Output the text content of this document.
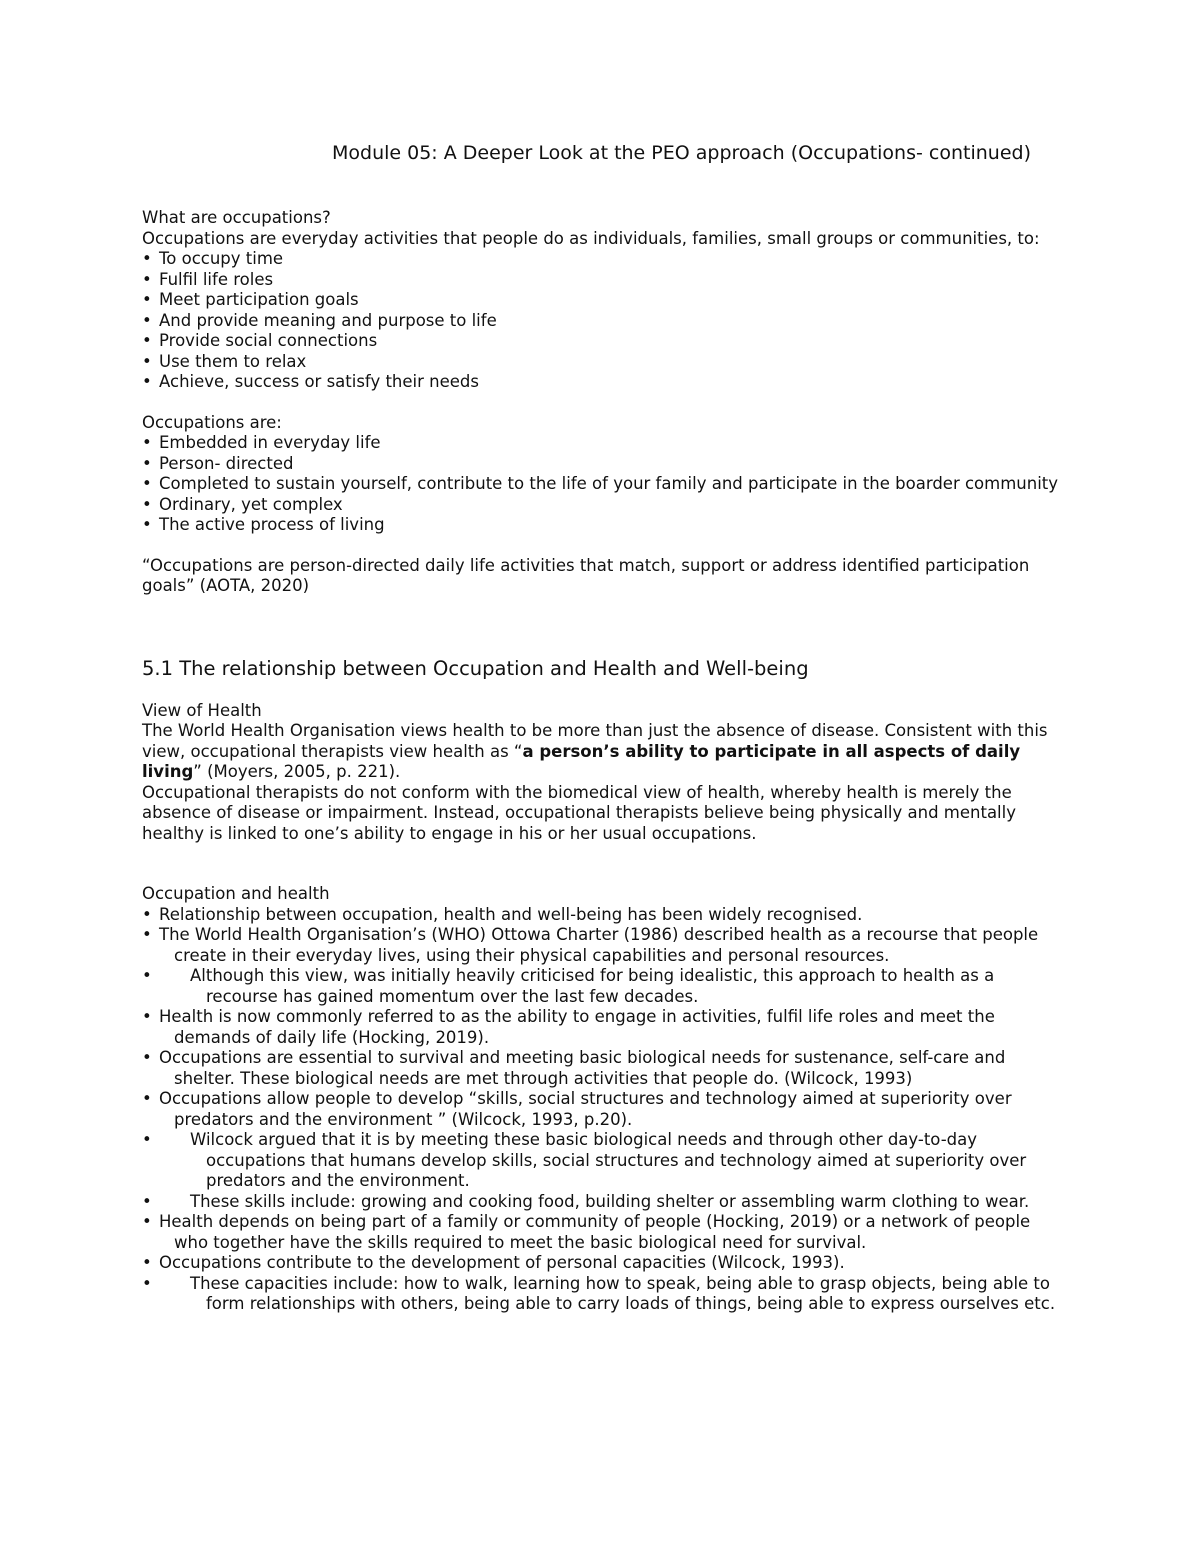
Module 05: A Deeper Look at the PEO approach (Occupations- continued)

What are occupations?

Occupations are everyday activities that people do as individuals, families, small groups or communities, to:

• To occupy time
• Fulfil life roles
• Meet participation goals
• And provide meaning and purpose to life
• Provide social connections
• Use them to relax
• Achieve, success or satisfy their needs

Occupations are:

• Embedded in everyday life
• Person- directed
• Completed to sustain yourself, contribute to the life of your family and participate in the boarder community
• Ordinary, yet complex
• The active process of living

“Occupations are person-directed daily life activities that match, support or address identified participation goals” (AOTA, 2020)

5.1 The relationship between Occupation and Health and Well-being

View of Health

The World Health Organisation views health to be more than just the absence of disease. Consistent with this view, occupational therapists view health as “a person’s ability to participate in all aspects of daily living” (Moyers, 2005, p. 221).

Occupational therapists do not conform with the biomedical view of health, whereby health is merely the absence of disease or impairment. Instead, occupational therapists believe being physically and mentally healthy is linked to one’s ability to engage in his or her usual occupations.

Occupation and health

• Relationship between occupation, health and well-being has been widely recognised.
• The World Health Organisation’s (WHO) Ottowa Charter (1986) described health as a recourse that people create in their everyday lives, using their physical capabilities and personal resources.
• Although this view, was initially heavily criticised for being idealistic, this approach to health as a recourse has gained momentum over the last few decades.
• Health is now commonly referred to as the ability to engage in activities, fulfil life roles and meet the demands of daily life (Hocking, 2019).
• Occupations are essential to survival and meeting basic biological needs for sustenance, self-care and shelter. These biological needs are met through activities that people do. (Wilcock, 1993)
• Occupations allow people to develop “skills, social structures and technology aimed at superiority over predators and the environment ” (Wilcock, 1993, p.20).
• Wilcock argued that it is by meeting these basic biological needs and through other day-to-day occupations that humans develop skills, social structures and technology aimed at superiority over predators and the environment.
• These skills include: growing and cooking food, building shelter or assembling warm clothing to wear.
• Health depends on being part of a family or community of people (Hocking, 2019) or a network of people who together have the skills required to meet the basic biological need for survival.
• Occupations contribute to the development of personal capacities (Wilcock, 1993).
• These capacities include: how to walk, learning how to speak, being able to grasp objects, being able to form relationships with others, being able to carry loads of things, being able to express ourselves etc.
